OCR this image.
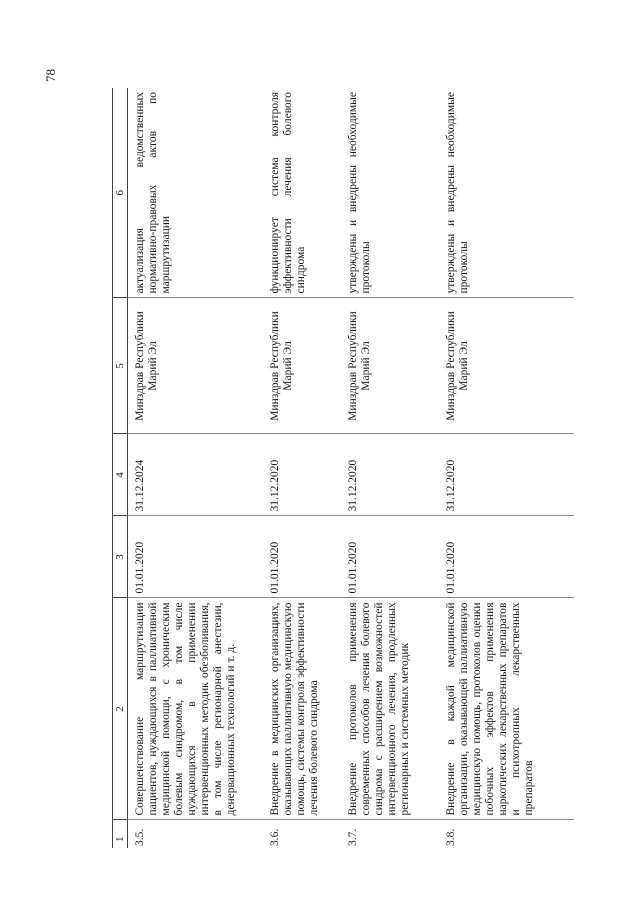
78
1	2	3	4	5	6
3.5.	Совершенствование маршрутизации пациентов, нуждающихся в паллиативной медицинской помощи, с хроническим болевым синдромом, в том числе нуждающихся в применении интервенционных методик обезболивания, в том числе регионарной анестезии, денервационных технологий и т. д.	01.01.2020	31.12.2024	Минздрав Республики Марий Эл	актуализация ведомственных нормативно-правовых актов по маршрутизации
3.6.	Внедрение в медицинских организациях, оказывающих паллиативную медицинскую помощь, системы контроля эффективности лечения болевого синдрома	01.01.2020	31.12.2020	Минздрав Республики Марий Эл	функционирует система контроля эффективности лечения болевого синдрома
3.7.	Внедрение протоколов применения современных способов лечения болевого синдрома с расширением возможностей интервенционного лечения, продленных регионарных и системных методик	01.01.2020	31.12.2020	Минздрав Республики Марий Эл	утверждены и внедрены необходимые протоколы
3.8.	Внедрение в каждой медицинской организации, оказывающей паллиативную медицинскую помощь, протоколов оценки побочных эффектов применения наркотических лекарственных препаратов и психотропных лекарственных препаратов	01.01.2020	31.12.2020	Минздрав Республики Марий Эл	утверждены и внедрены необходимые протоколы
